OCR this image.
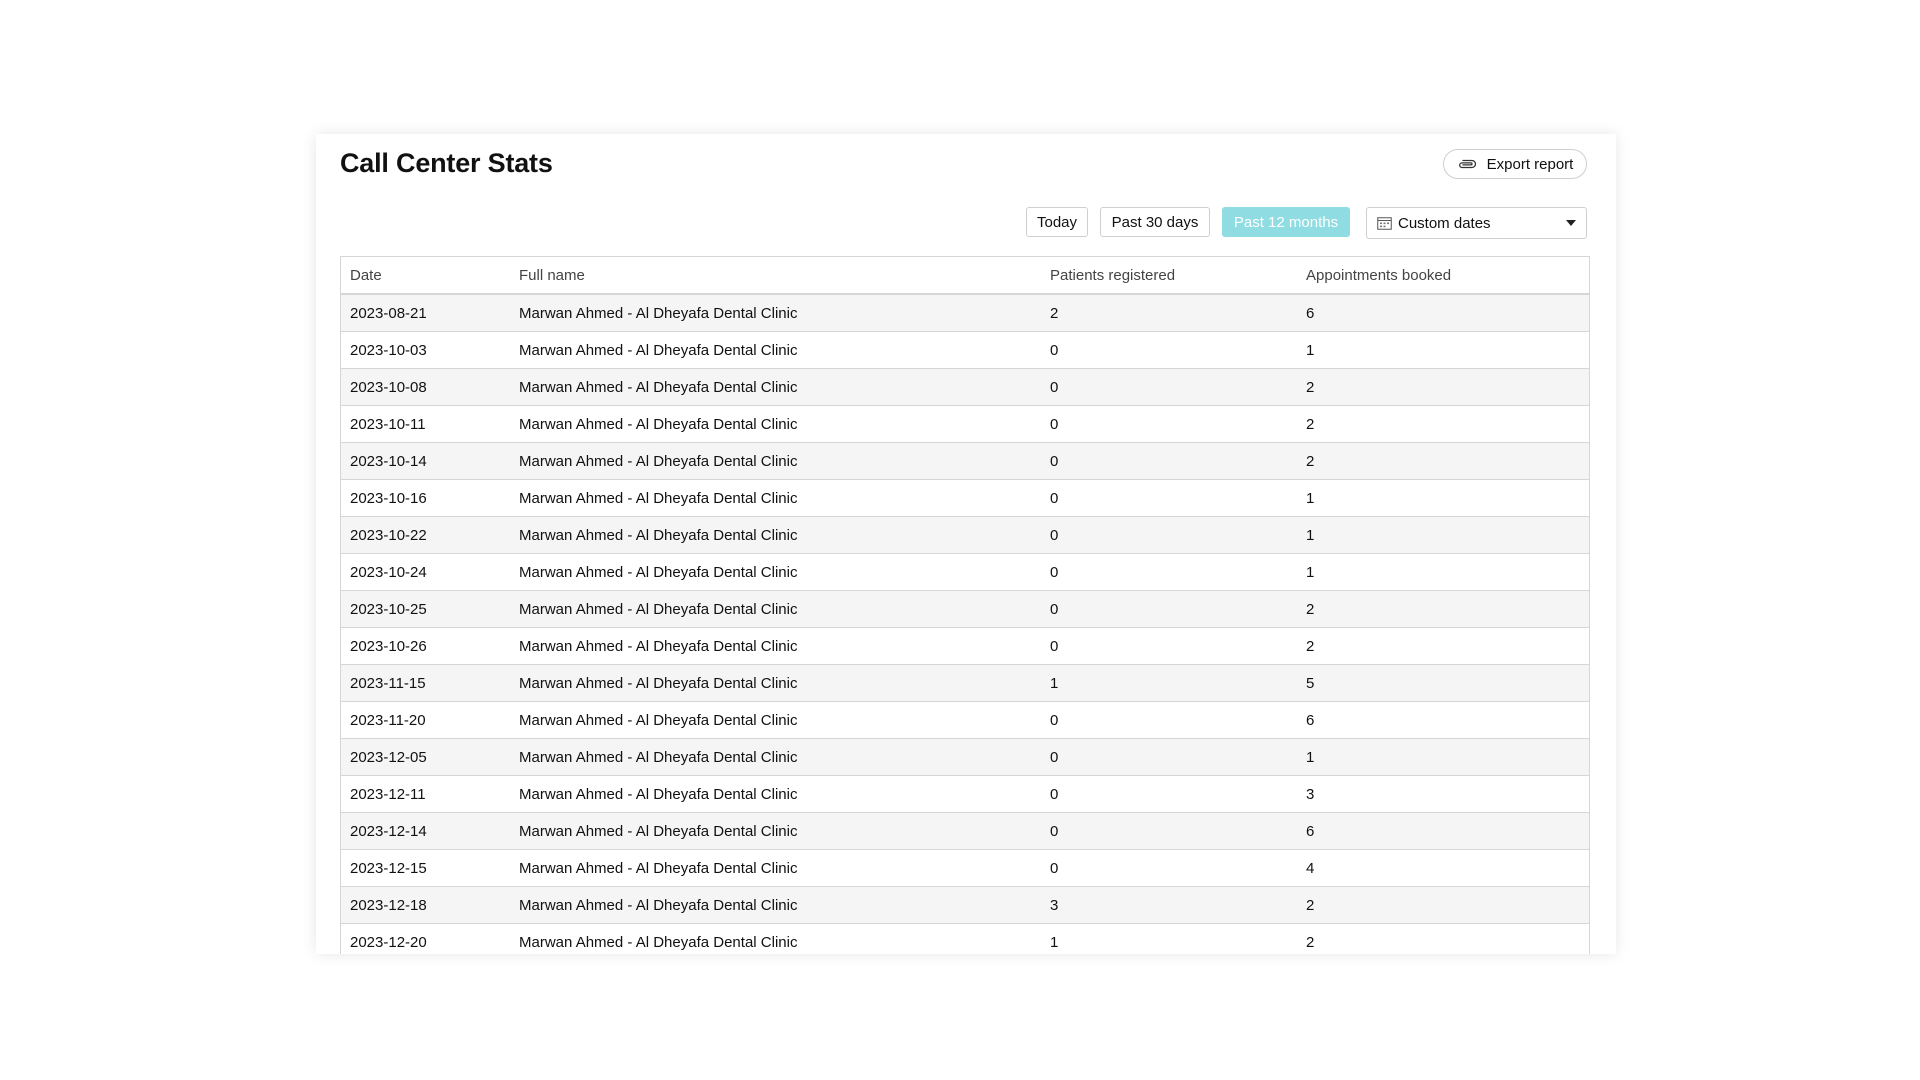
Call Center Stats	Export report
Today	Past 30 days	Past 12 months	Custom dates
Date	Full name	Patients registered	Appointments booked
2023-08-21	Marwan Ahmed - Al Dheyafa Dental Clinic	2	6
2023-10-03	Marwan Ahmed - Al Dheyafa Dental Clinic	0	1
2023-10-08	Marwan Ahmed - Al Dheyafa Dental Clinic	0	2
2023-10-11	Marwan Ahmed - Al Dheyafa Dental Clinic	0	2
2023-10-14	Marwan Ahmed - Al Dheyafa Dental Clinic	0	2
2023-10-16	Marwan Ahmed - Al Dheyafa Dental Clinic	0	1
2023-10-22	Marwan Ahmed - Al Dheyafa Dental Clinic	0	1
2023-10-24	Marwan Ahmed - Al Dheyafa Dental Clinic	0	1
2023-10-25	Marwan Ahmed - Al Dheyafa Dental Clinic	0	2
2023-10-26	Marwan Ahmed - Al Dheyafa Dental Clinic	0	2
2023-11-15	Marwan Ahmed - Al Dheyafa Dental Clinic	1	5
2023-11-20	Marwan Ahmed - Al Dheyafa Dental Clinic	0	6
2023-12-05	Marwan Ahmed - Al Dheyafa Dental Clinic	0	1
2023-12-11	Marwan Ahmed - Al Dheyafa Dental Clinic	0	3
2023-12-14	Marwan Ahmed - Al Dheyafa Dental Clinic	0	6
2023-12-15	Marwan Ahmed - Al Dheyafa Dental Clinic	0	4
2023-12-18	Marwan Ahmed - Al Dheyafa Dental Clinic	3	2
2023-12-20	Marwan Ahmed - Al Dheyafa Dental Clinic	1	2
